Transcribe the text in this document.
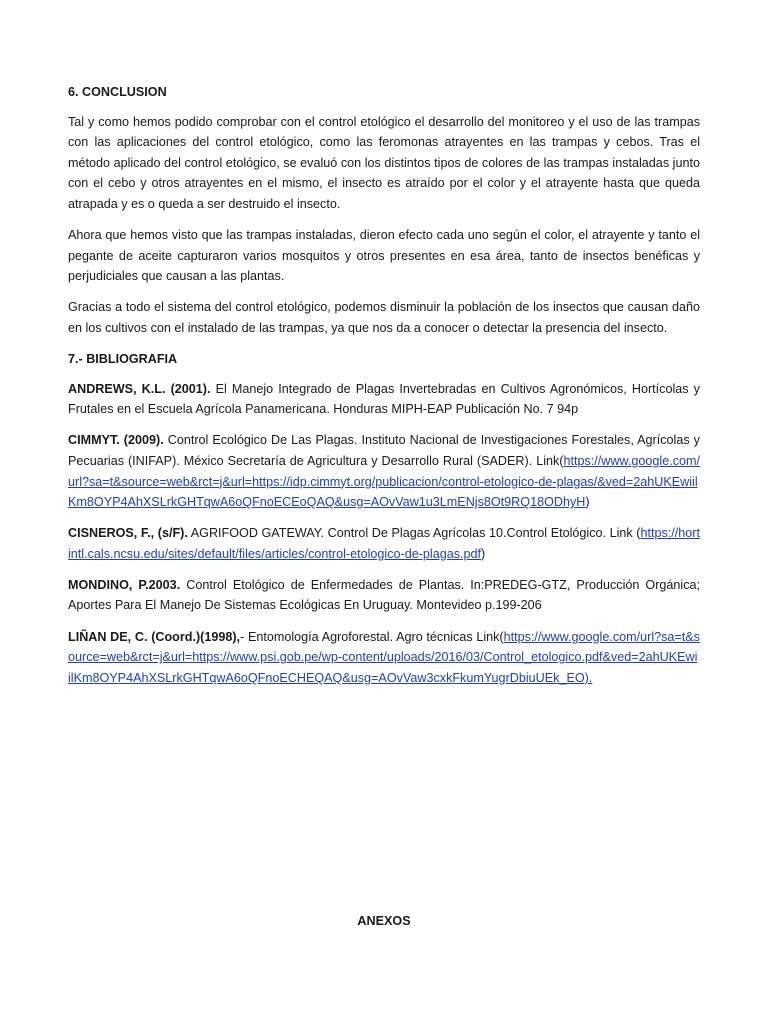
6. CONCLUSION

Tal y como hemos podido comprobar con el control etológico el desarrollo del monitoreo y el uso de las trampas con las aplicaciones del control etológico, como las feromonas atrayentes en las trampas y cebos. Tras el método aplicado del control etológico, se evaluó con los distintos tipos de colores de las trampas instaladas junto con el cebo y otros atrayentes en el mismo, el insecto es atraído por el color y el atrayente hasta que queda atrapada y es o queda a ser destruido el insecto.

Ahora que hemos visto que las trampas instaladas, dieron efecto cada uno según el color, el atrayente y tanto el pegante de aceite capturaron varios mosquitos y otros presentes en esa área, tanto de insectos benéficas y perjudiciales que causan a las plantas.

Gracias a todo el sistema del control etológico, podemos disminuir la población de los insectos que causan daño en los cultivos con el instalado de las trampas, ya que nos da a conocer o detectar la presencia del insecto.

7.- BIBLIOGRAFIA

ANDREWS, K.L. (2001). El Manejo Integrado de Plagas Invertebradas en Cultivos Agronómicos, Hortícolas y Frutales en el Escuela Agrícola Panamericana. Honduras MIPH-EAP Publicación No. 7 94p

CIMMYT. (2009). Control Ecológico De Las Plagas. Instituto Nacional de Investigaciones Forestales, Agrícolas y Pecuarias (INIFAP). México Secretaría de Agricultura y Desarrollo Rural (SADER). Link(https://www.google.com/url?sa=t&source=web&rct=j&url=https://idp.cimmyt.org/publicacion/control-etologico-de-plagas/&ved=2ahUKEwiilKm8OYP4AhXSLrkGHTqwA6oQFnoECEoQAQ&usg=AOvVaw1u3LmENjs8Ot9RQ18ODhyH)

CISNEROS, F., (s/F). AGRIFOOD GATEWAY. Control De Plagas Agrícolas 10.Control Etológico. Link (https://hortintl.cals.ncsu.edu/sites/default/files/articles/control-etologico-de-plagas.pdf)

MONDINO, P.2003. Control Etológico de Enfermedades de Plantas. In:PREDEG-GTZ, Producción Orgánica; Aportes Para El Manejo De Sistemas Ecológicas En Uruguay. Montevideo p.199-206

LIÑAN DE, C. (Coord.)(1998),- Entomología Agroforestal. Agro técnicas Link(https://www.google.com/url?sa=t&source=web&rct=j&url=https://www.psi.gob.pe/wp-content/uploads/2016/03/Control_etologico.pdf&ved=2ahUKEwiilKm8OYP4AhXSLrkGHTqwA6oQFnoECHEQAQ&usg=AOvVaw3cxkFkumYugrDbiuUEk_EO).

ANEXOS
